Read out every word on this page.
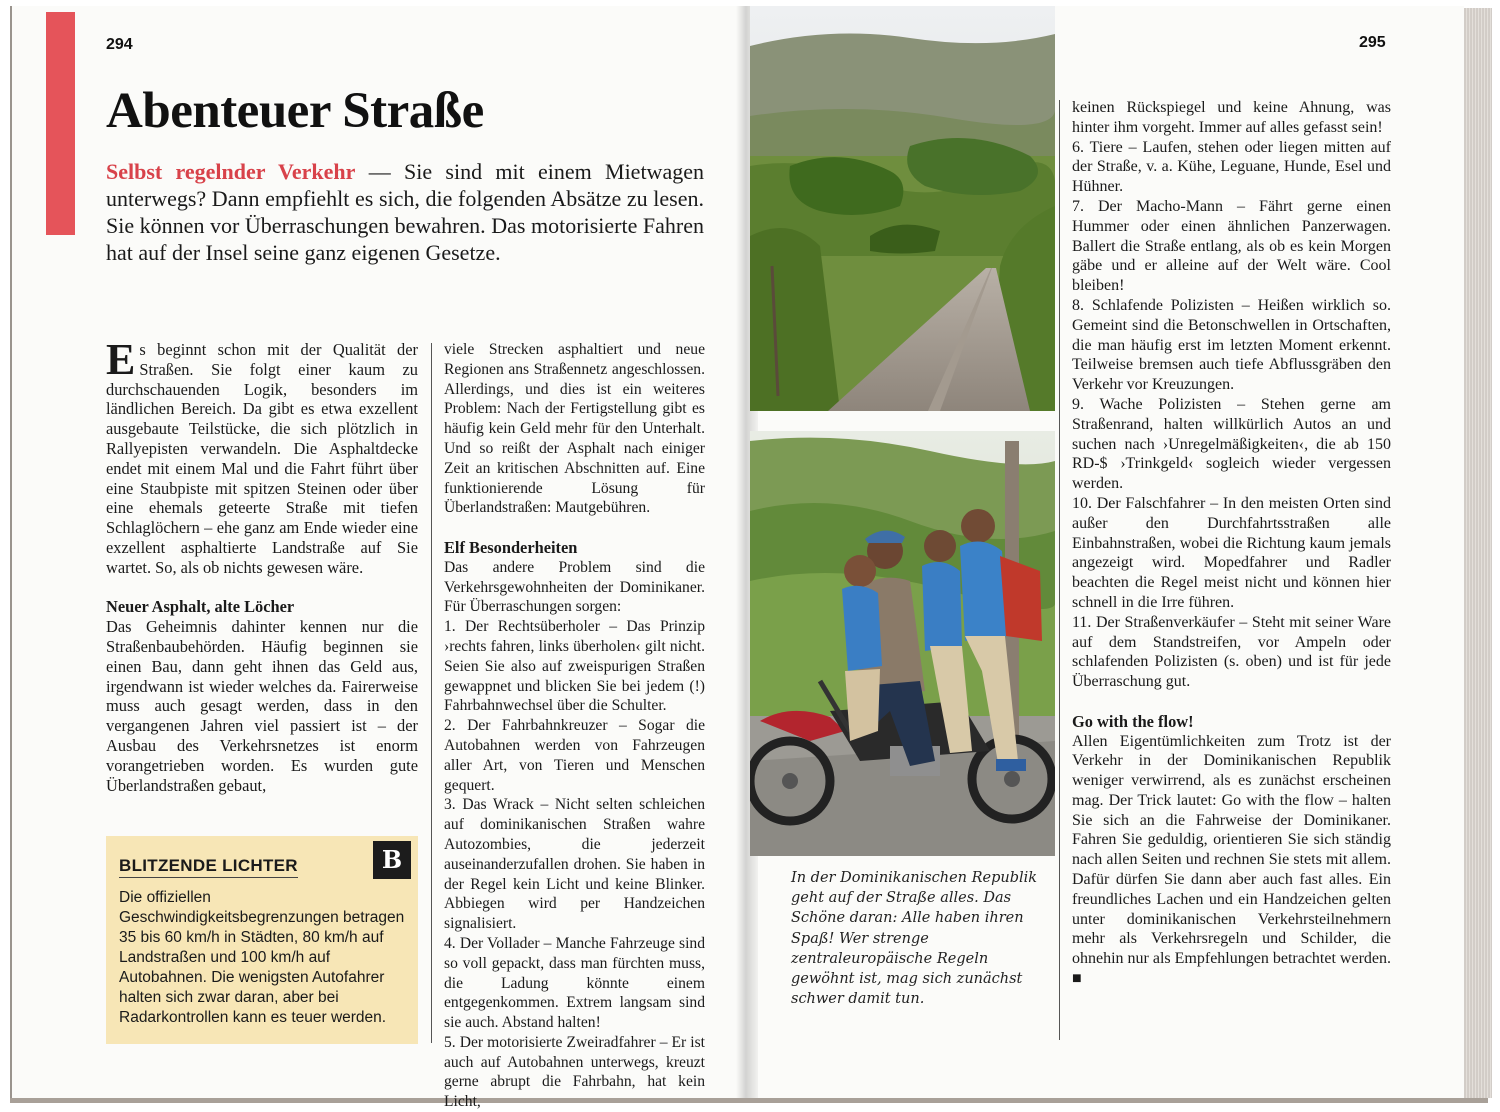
294
Abenteuer Straße
Selbst regelnder Verkehr — Sie sind mit einem Mietwagen unterwegs? Dann empfiehlt es sich, die folgenden Absätze zu lesen. Sie können vor Überraschungen bewahren. Das motorisierte Fahren hat auf der Insel seine ganz eigenen Gesetze.

Es beginnt schon mit der Qualität der Straßen. Sie folgt einer kaum zu durchschauenden Logik, besonders im ländlichen Bereich. Da gibt es etwa exzellent ausgebaute Teilstücke, die sich plötzlich in Rallyepisten verwandeln. Die Asphaltdecke endet mit einem Mal und die Fahrt führt über eine Staubpiste mit spitzen Steinen oder über eine ehemals geteerte Straße mit tiefen Schlaglöchern – ehe ganz am Ende wieder eine exzellent asphaltierte Landstraße auf Sie wartet. So, als ob nichts gewesen wäre.

Neuer Asphalt, alte Löcher

Das Geheimnis dahinter kennen nur die Straßenbaubehörden. Häufig beginnen sie einen Bau, dann geht ihnen das Geld aus, irgendwann ist wieder welches da. Fairerweise muss auch gesagt werden, dass in den vergangenen Jahren viel passiert ist – der Ausbau des Verkehrsnetzes ist enorm vorangetrieben worden. Es wurden gute Überlandstraßen gebaut,

viele Strecken asphaltiert und neue Regionen ans Straßennetz angeschlossen. Allerdings, und dies ist ein weiteres Problem: Nach der Fertigstellung gibt es häufig kein Geld mehr für den Unterhalt. Und so reißt der Asphalt nach einiger Zeit an kritischen Abschnitten auf. Eine funktionierende Lösung für Überlandstraßen: Mautgebühren.

Elf Besonderheiten

Das andere Problem sind die Verkehrsgewohnheiten der Dominikaner. Für Überraschungen sorgen:

1. Der Rechtsüberholer – Das Prinzip ›rechts fahren, links überholen‹ gilt nicht. Seien Sie also auf zweispurigen Straßen gewappnet und blicken Sie bei jedem (!) Fahrbahnwechsel über die Schulter.

2. Der Fahrbahnkreuzer – Sogar die Autobahnen werden von Fahrzeugen aller Art, von Tieren und Menschen gequert.

3. Das Wrack – Nicht selten schleichen auf dominikanischen Straßen wahre Autozombies, die jederzeit auseinanderzufallen drohen. Sie haben in der Regel kein Licht und keine Blinker. Abbiegen wird per Handzeichen signalisiert.

4. Der Vollader – Manche Fahrzeuge sind so voll gepackt, dass man fürchten muss, die Ladung könnte einem entgegenkommen. Extrem langsam sind sie auch. Abstand halten!

5. Der motorisierte Zweiradfahrer – Er ist auch auf Autobahnen unterwegs, kreuzt gerne abrupt die Fahrbahn, hat kein Licht,

BLITZENDE LICHTER	B
Die offiziellen Geschwindigkeitsbegrenzungen betragen 35 bis 60 km/h in Städten, 80 km/h auf Landstraßen und 100 km/h auf Autobahnen. Die wenigsten Autofahrer halten sich zwar daran, aber bei Radarkontrollen kann es teuer werden.
295
In der Dominikanischen Republik geht auf der Straße alles. Das Schöne daran: Alle haben ihren Spaß! Wer strenge zentraleuropäische Regeln gewöhnt ist, mag sich zunächst schwer damit tun.

keinen Rückspiegel und keine Ahnung, was hinter ihm vorgeht. Immer auf alles gefasst sein!

6. Tiere – Laufen, stehen oder liegen mitten auf der Straße, v. a. Kühe, Leguane, Hunde, Esel und Hühner.

7. Der Macho-Mann – Fährt gerne einen Hummer oder einen ähnlichen Panzerwagen. Ballert die Straße entlang, als ob es kein Morgen gäbe und er alleine auf der Welt wäre. Cool bleiben!

8. Schlafende Polizisten – Heißen wirklich so. Gemeint sind die Betonschwellen in Ortschaften, die man häufig erst im letzten Moment erkennt. Teilweise bremsen auch tiefe Abflussgräben den Verkehr vor Kreuzungen.

9. Wache Polizisten – Stehen gerne am Straßenrand, halten willkürlich Autos an und suchen nach ›Unregelmäßigkeiten‹, die ab 150 RD-$ ›Trinkgeld‹ sogleich wieder vergessen werden.

10. Der Falschfahrer – In den meisten Orten sind außer den Durchfahrtsstraßen alle Einbahnstraßen, wobei die Richtung kaum jemals angezeigt wird. Mopedfahrer und Radler beachten die Regel meist nicht und können hier schnell in die Irre führen.

11. Der Straßenverkäufer – Steht mit seiner Ware auf dem Standstreifen, vor Ampeln oder schlafenden Polizisten (s. oben) und ist für jede Überraschung gut.

Go with the flow!

Allen Eigentümlichkeiten zum Trotz ist der Verkehr in der Dominikanischen Republik weniger verwirrend, als es zunächst erscheinen mag. Der Trick lautet: Go with the flow – halten Sie sich an die Fahrweise der Dominikaner. Fahren Sie geduldig, orientieren Sie sich ständig nach allen Seiten und rechnen Sie stets mit allem. Dafür dürfen Sie dann aber auch fast alles. Ein freundliches Lachen und ein Handzeichen gelten unter dominikanischen Verkehrsteilnehmern mehr als Verkehrsregeln und Schilder, die ohnehin nur als Empfehlungen betrachtet werden. ■
